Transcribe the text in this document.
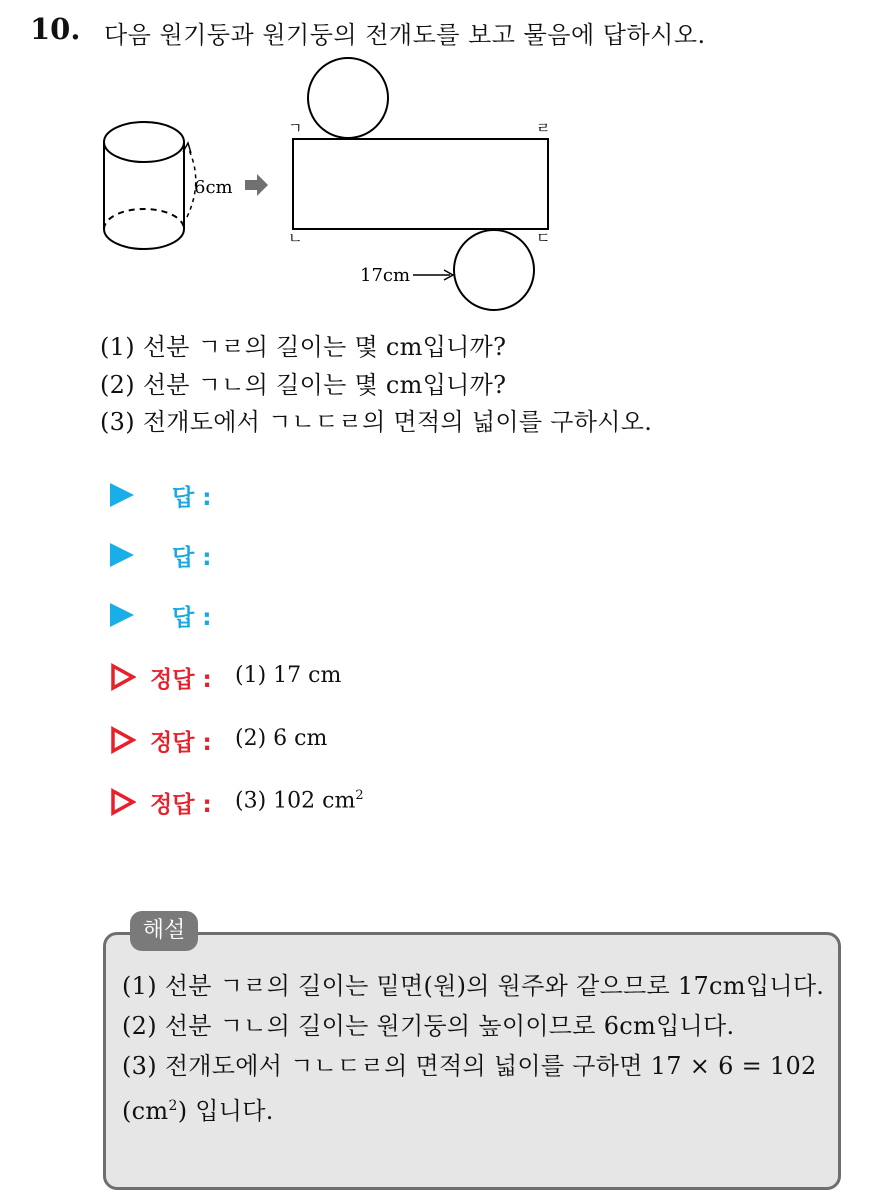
10. 다음 원기둥과 원기둥의 전개도를 보고 물음에 답하시오.
6cm
ㄱ	ㄹ
ㄴ	ㄷ
17cm
(1) 선분 ㄱㄹ의 길이는 몇 cm입니까?
(2) 선분 ㄱㄴ의 길이는 몇 cm입니까?
(3) 전개도에서 ㄱㄴㄷㄹ의 면적의 넓이를 구하시오.
답 :
답 :
답 :
정답 : (1) 17 cm
정답 : (2) 6 cm
정답 : (3) 102 $cm^2$
해설

(1) 선분 ㄱㄹ의 길이는 밑면(원)의 원주와 같으므로 17cm입니다.

(2) 선분 ㄱㄴ의 길이는 원기둥의 높이이므로 6cm입니다.

(3) 전개도에서 ㄱㄴㄷㄹ의 면적의 넓이를 구하면 17 × 6 = 102 $(cm^2)$ 입니다.
